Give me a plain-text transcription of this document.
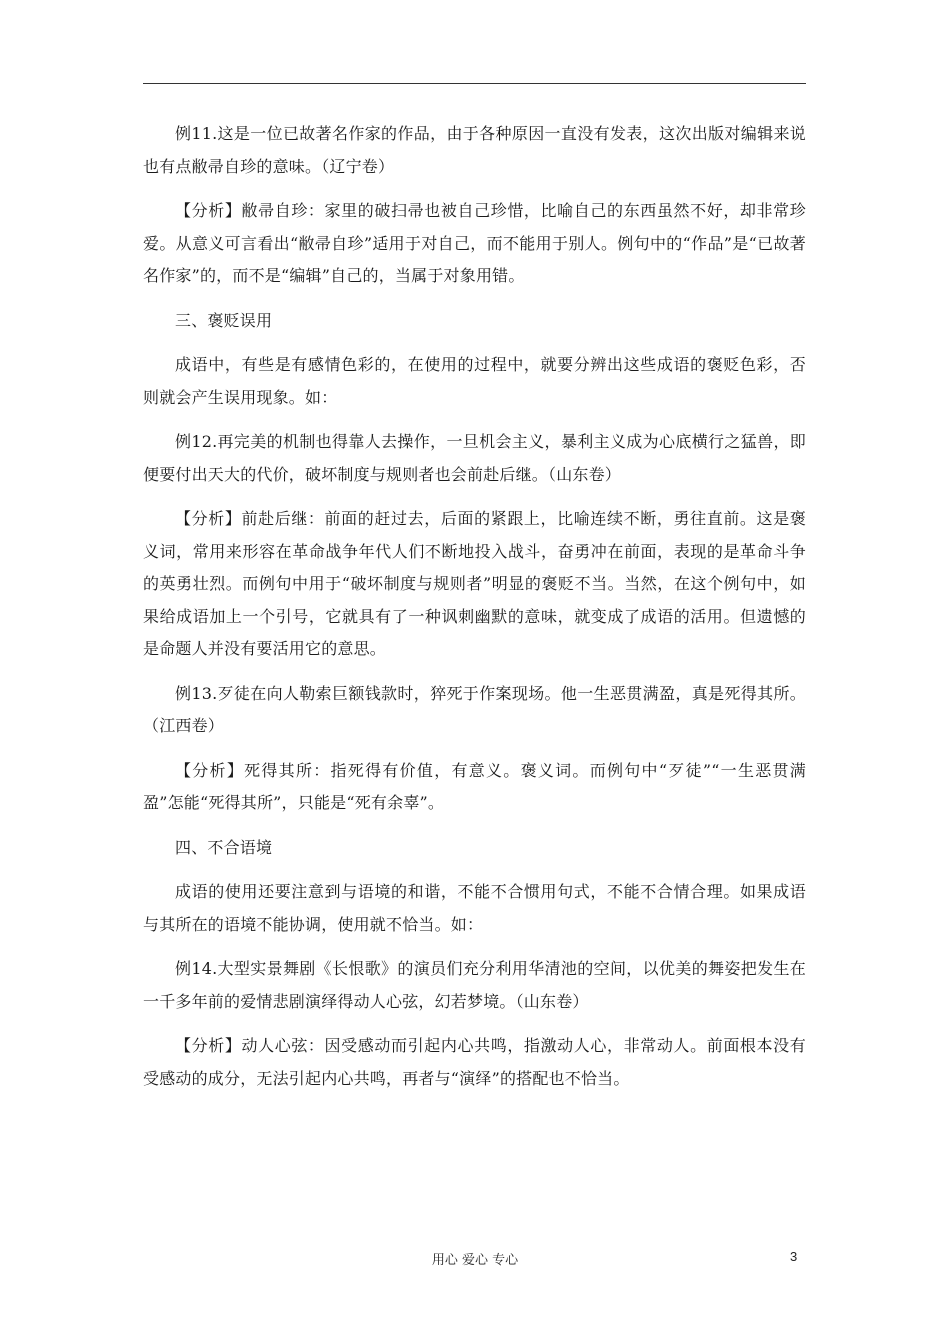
例11.这是一位已故著名作家的作品，由于各种原因一直没有发表，这次出版对编辑来说也有点敝帚自珍的意味。（辽宁卷）

【分析】敝帚自珍：家里的破扫帚也被自己珍惜，比喻自己的东西虽然不好，却非常珍爱。从意义可言看出“敝帚自珍”适用于对自己，而不能用于别人。例句中的“作品”是“已故著名作家”的，而不是“编辑”自己的，当属于对象用错。

三、褒贬误用

成语中，有些是有感情色彩的，在使用的过程中，就要分辨出这些成语的褒贬色彩，否则就会产生误用现象。如：

例12.再完美的机制也得靠人去操作，一旦机会主义，暴利主义成为心底横行之猛兽，即便要付出天大的代价，破坏制度与规则者也会前赴后继。（山东卷）

【分析】前赴后继：前面的赶过去，后面的紧跟上，比喻连续不断，勇往直前。这是褒义词，常用来形容在革命战争年代人们不断地投入战斗，奋勇冲在前面，表现的是革命斗争的英勇壮烈。而例句中用于“破坏制度与规则者”明显的褒贬不当。当然，在这个例句中，如果给成语加上一个引号，它就具有了一种讽刺幽默的意味，就变成了成语的活用。但遗憾的是命题人并没有要活用它的意思。

例13.歹徒在向人勒索巨额钱款时，猝死于作案现场。他一生恶贯满盈，真是死得其所。（江西卷）

【分析】死得其所：指死得有价值，有意义。褒义词。而例句中“歹徒”“一生恶贯满盈”怎能“死得其所”，只能是“死有余辜”。

四、不合语境

成语的使用还要注意到与语境的和谐，不能不合惯用句式，不能不合情合理。如果成语与其所在的语境不能协调，使用就不恰当。如：

例14.大型实景舞剧《长恨歌》的演员们充分利用华清池的空间，以优美的舞姿把发生在一千多年前的爱情悲剧演绎得动人心弦，幻若梦境。（山东卷）

【分析】动人心弦：因受感动而引起内心共鸣，指激动人心，非常动人。前面根本没有受感动的成分，无法引起内心共鸣，再者与“演绎”的搭配也不恰当。

用心 爱心 专心	3
